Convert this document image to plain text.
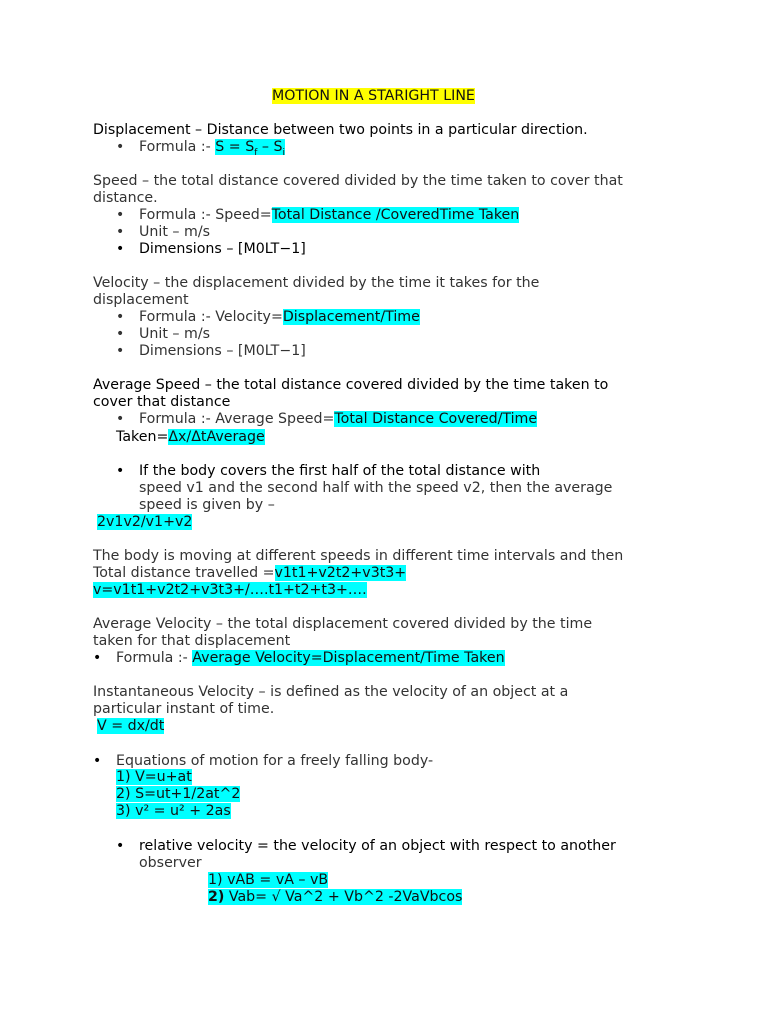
MOTION IN A STARIGHT LINE
Displacement – Distance between two points in a particular direction.
• Formula :- $S = S_f - S_i$
Speed – the total distance covered divided by the time taken to cover that
distance.
• Formula :- Speed=Total Distance /CoveredTime Taken
• Unit – m/s
• Dimensions – [M0LT−1]
Velocity – the displacement divided by the time it takes for the
displacement
• Formula :- Velocity=Displacement/Time
• Unit – m/s
• Dimensions – [M0LT−1]
Average Speed – the total distance covered divided by the time taken to
cover that distance
• Formula :- Average Speed=Total Distance Covered/Time
Taken=Δx/ΔtAverage
• If the body covers the first half of the total distance with
speed v1 and the second half with the speed v2, then the average
speed is given by –
2v1v2/v1+v2
The body is moving at different speeds in different time intervals and then
Total distance travelled =v1t1+v2t2+v3t3+
v=v1t1+v2t2+v3t3+/….t1+t2+t3+….
Average Velocity – the total displacement covered divided by the time
taken for that displacement
• Formula :- Average Velocity=Displacement/Time Taken
Instantaneous Velocity – is defined as the velocity of an object at a
particular instant of time.
V = dx/dt
• Equations of motion for a freely falling body-
1) V=u+at
2) S=ut+1/2at^2
3) v² = u² + 2as
• relative velocity = the velocity of an object with respect to another
observer
1) vAB = vA – vB
2) Vab= √ Va^2 + Vb^2 -2VaVbcos
